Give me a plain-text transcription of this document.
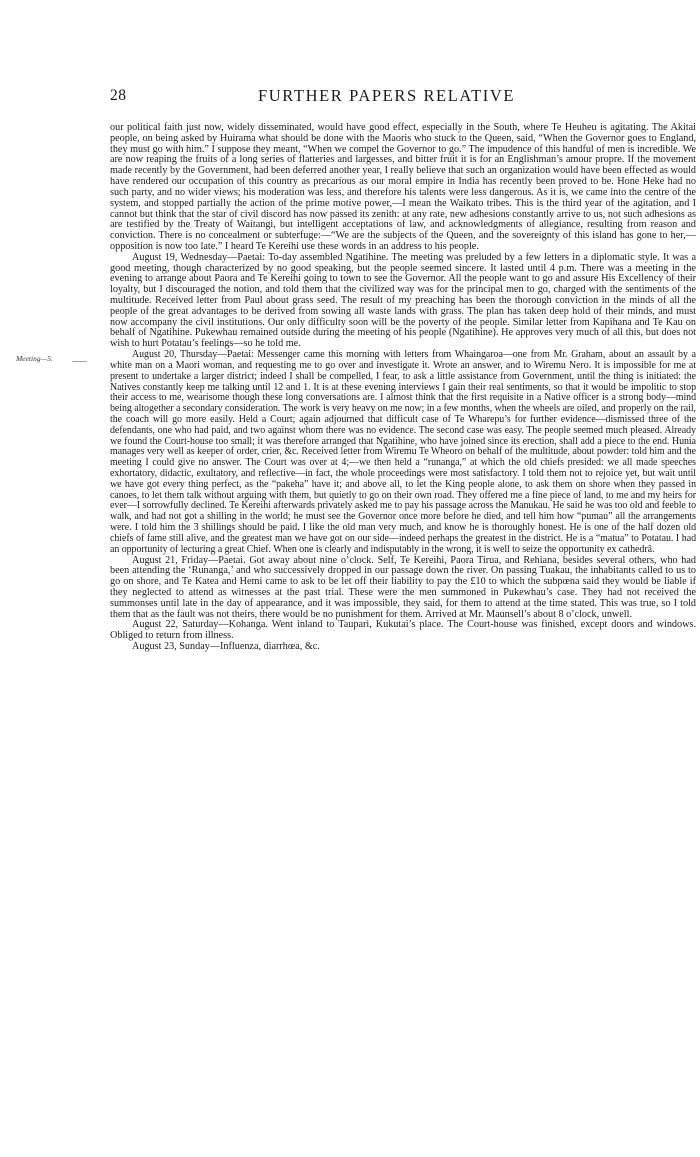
28	FURTHER PAPERS RELATIVE
Meeting—5. ⸺

our political faith just now, widely disseminated, would have good effect, especially in the South, where Te Heuheu is agitating. The Akitai people, on being asked by Huirama what should be done with the Maoris who stuck to the Queen, said, “When the Governor goes to England, they must go with him.” I suppose they meant, “When we compel the Governor to go.” The impudence of this handful of men is incredible. We are now reaping the fruits of a long series of flatteries and largesses, and bitter fruit it is for an Englishman’s amour propre. If the movement made recently by the Government, had been deferred another year, I really believe that such an organization would have been effected as would have rendered our occupation of this country as precarious as our moral empire in India has recently been proved to be. Hone Heke had no such party, and no wider views; his moderation was less, and therefore his talents were less dangerous. As it is, we came into the centre of the system, and stopped partially the action of the prime motive power,—I mean the Waikato tribes. This is the third year of the agitation, and I cannot but think that the star of civil discord has now passed its zenith: at any rate, new adhesions constantly arrive to us, not such adhesions as are testified by the Treaty of Waitangi, but intelligent acceptations of law, and acknowledgments of allegiance, resulting from reason and conviction. There is no concealment or subterfuge:—“We are the subjects of the Queen, and the sovereignty of this island has gone to her,—opposition is now too late.” I heard Te Kereihi use these words in an address to his people.

August 19, Wednesday—Paetai: To-day assembled Ngatihine. The meeting was preluded by a few letters in a diplomatic style. It was a good meeting, though characterized by no good speaking, but the people seemed sincere. It lasted until 4 p.m. There was a meeting in the evening to arrange about Paora and Te Kereihi going to town to see the Governor. All the people want to go and assure His Excellency of their loyalty, but I discouraged the notion, and told them that the civilized way was for the principal men to go, charged with the sentiments of the multitude. Received letter from Paul about grass seed. The result of my preaching has been the thorough conviction in the minds of all the people of the great advantages to be derived from sowing all waste lands with grass. The plan has taken deep hold of their minds, and must now accompany the civil institutions. Our only difficulty soon will be the poverty of the people. Similar letter from Kapihana and Te Kau on behalf of Ngatihine. Pukewhau remained outside during the meeting of his people (Ngatihine). He approves very much of all this, but does not wish to hurt Potatau’s feelings—so he told me.

August 20, Thursday—Paetai: Messenger came this morning with letters from Whaingaroa—one from Mr. Graham, about an assault by a white man on a Maori woman, and requesting me to go over and investigate it. Wrote an answer, and to Wiremu Nero. It is impossible for me at present to undertake a larger district; indeed I shall be compelled, I fear, to ask a little assistance from Government, until the thing is initiated: the Natives constantly keep me talking until 12 and 1. It is at these evening interviews I gain their real sentiments, so that it would be impolitic to stop their access to me, wearisome though these long conversations are. I almost think that the first requisite in a Native officer is a strong body—mind being altogether a secondary consideration. The work is very heavy on me now; in a few months, when the wheels are oiled, and properly on the rail, the coach will go more easily. Held a Court; again adjourned that difficult case of Te Wharepu’s for further evidence—dismissed three of the defendants, one who had paid, and two against whom there was no evidence. The second case was easy. The people seemed much pleased. Already we found the Court-house too small; it was therefore arranged that Ngatihine, who have joined since its erection, shall add a piece to the end. Hunia manages very well as keeper of order, crier, &c. Received letter from Wiremu Te Wheoro on behalf of the multitude, about powder: told him and the meeting I could give no answer. The Court was over at 4;—we then held a “runanga,” at which the old chiefs presided: we all made speeches exhortatory, didactic, exultatory, and reflective—in fact, the whole proceedings were most satisfactory. I told them not to rejoice yet, but wait until we have got every thing perfect, as the “pakeha” have it; and above all, to let the King people alone, to ask them on shore when they passed in canoes, to let them talk without arguing with them, but quietly to go on their own road. They offered me a fine piece of land, to me and my heirs for ever—I sorrowfully declined. Te Kereihi afterwards privately asked me to pay his passage across the Manukau. He said he was too old and feeble to walk, and had not got a shilling in the world; he must see the Governor once more before he died, and tell him how “pumau” all the arrangements were. I told him the 3 shillings should be paid. I like the old man very much, and know he is thoroughly honest. He is one of the half dozen old chiefs of fame still alive, and the greatest man we have got on our side—indeed perhaps the greatest in the district. He is a “matua” to Potatau. I had an opportunity of lecturing a great Chief. When one is clearly and indisputably in the wrong, it is well to seize the opportunity ex cathedrâ.

August 21, Friday—Paetai. Got away about nine o’clock. Self, Te Kereihi, Paora Tirua, and Rehiana, besides several others, who had been attending the ‘Runanga,’ and who successively dropped in our passage down the river. On passing Tuakau, the inhabitants called to us to go on shore, and Te Katea and Hemi came to ask to be let off their liability to pay the £10 to which the subpœna said they would be liable if they neglected to attend as witnesses at the past trial. These were the men summoned in Pukewhau’s case. They had not received the summonses until late in the day of appearance, and it was impossible, they said, for them to attend at the time stated. This was true, so I told them that as the fault was not theirs, there would be no punishment for them. Arrived at Mr. Maunsell’s about 8 o’clock, unwell.

August 22, Saturday—Kohanga. Went inland to Taupari, Kukutai’s place. The Court-house was finished, except doors and windows. Obliged to return from illness.

August 23, Sunday—Influenza, diarrhœa, &c.
